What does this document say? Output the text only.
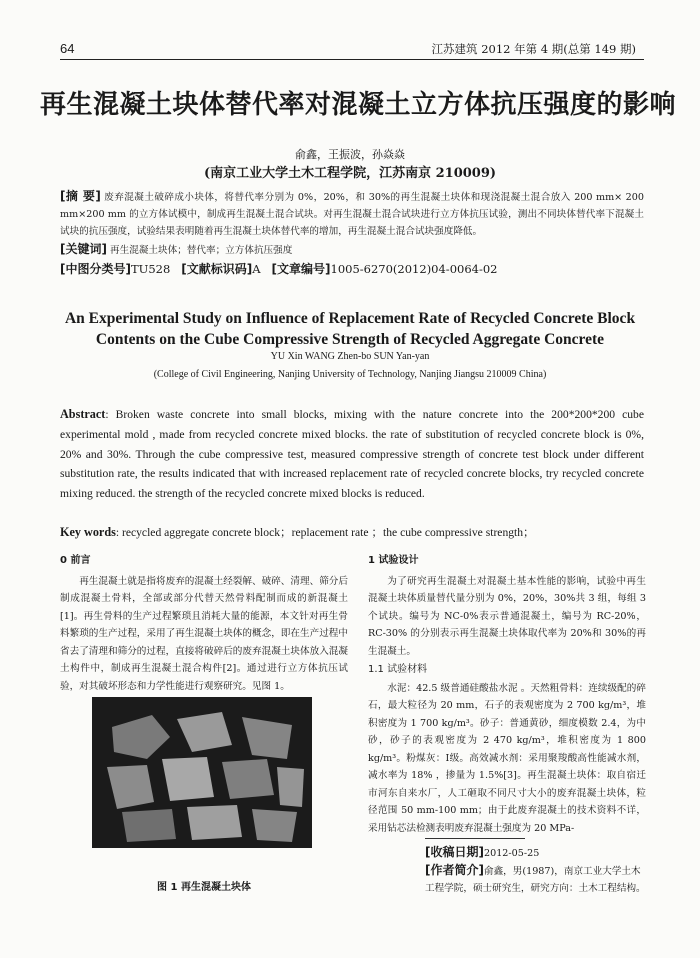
64	江苏建筑 2012 年第 4 期(总第 149 期)
再生混凝土块体替代率对混凝土立方体抗压强度的影响
俞鑫，王振波，孙焱焱
(南京工业大学土木工程学院，江苏南京 210009)
[摘 要] 废弃混凝土破碎成小块体，将替代率分别为 0%，20%，和 30%的再生混凝土块体和现浇混凝土混合放入 200 mm× 200 mm×200 mm 的立方体试模中，制成再生混凝土混合试块。对再生混凝土混合试块进行立方体抗压试验，测出不同块体替代率下混凝土试块的抗压强度，试验结果表明随着再生混凝土块体替代率的增加，再生混凝土混合试块强度降低。
[关键词] 再生混凝土块体；替代率；立方体抗压强度
[中图分类号]TU528 [文献标识码]A [文章编号]1005-6270(2012)04-0064-02
An Experimental Study on Influence of Replacement Rate of Recycled Concrete Block Contents on the Cube Compressive Strength of Recycled Aggregate Concrete
YU Xin WANG Zhen-bo SUN Yan-yan
(College of Civil Engineering, Nanjing University of Technology, Nanjing Jiangsu 210009 China)
Abstract: Broken waste concrete into small blocks, mixing with the nature concrete into the 200*200*200 cube experimental mold , made from recycled concrete mixed blocks. the rate of substitution of recycled concrete block is 0%, 20% and 30%. Through the cube compressive test, measured compressive strength of concrete test block under different substitution rate, the results indicated that with increased replacement rate of recycled concrete blocks, try recycled concrete mixing reduced. the strength of the recycled concrete mixed blocks is reduced.
Key words: recycled aggregate concrete block；replacement rate ；the cube compressive strength；
0 前言

再生混凝土就是指将废弃的混凝土经裂解、破碎、清理、筛分后制成混凝土骨料，全部或部分代替天然骨料配制而成的新混凝土[1]。再生骨料的生产过程繁琐且消耗大量的能源，本文针对再生骨料繁琐的生产过程，采用了再生混凝土块体的概念，即在生产过程中省去了清理和筛分的过程，直接将破碎后的废弃混凝土块体放入混凝土构件中，制成再生混凝土混合构件[2]。通过进行立方体抗压试验，对其破坏形态和力学性能进行观察研究。见图 1。

图 1 再生混凝土块体
1 试验设计

为了研究再生混凝土对混凝土基本性能的影响，试验中再生混凝土块体质量替代量分别为 0%，20%，30%共 3 组，每组 3 个试块。编号为 NC-0%表示普通混凝土，编号为 RC-20%，RC-30% 的分别表示再生混凝土块体取代率为 20%和 30%的再生混凝土。

1.1 试验材料

水泥：42.5 级普通硅酸盐水泥 。天然粗骨料：连续级配的碎石，最大粒径为 20 mm，石子的表观密度为 2 700 kg/m³，堆积密度为 1 700 kg/m³。砂子：普通黄砂，细度模数 2.4，为中砂，砂子的表观密度为 2 470 kg/m³，堆积密度为 1 800 kg/m³。粉煤灰：Ⅰ级。高效减水剂：采用聚羧酸高性能减水剂，减水率为 18% ，掺量为 1.5%[3]。再生混凝土块体：取自宿迁市河东自来水厂，人工砸取不同尺寸大小的废弃混凝土块体，粒径范围 50 mm-100 mm；由于此废弃混凝土的技术资料不详，采用钻芯法检测表明废弃混凝土强度为 20 MPa-

[收稿日期]2012-05-25
[作者简介]俞鑫，男(1987)，南京工业大学土木工程学院，硕士研究生，研究方向：土木工程结构。
